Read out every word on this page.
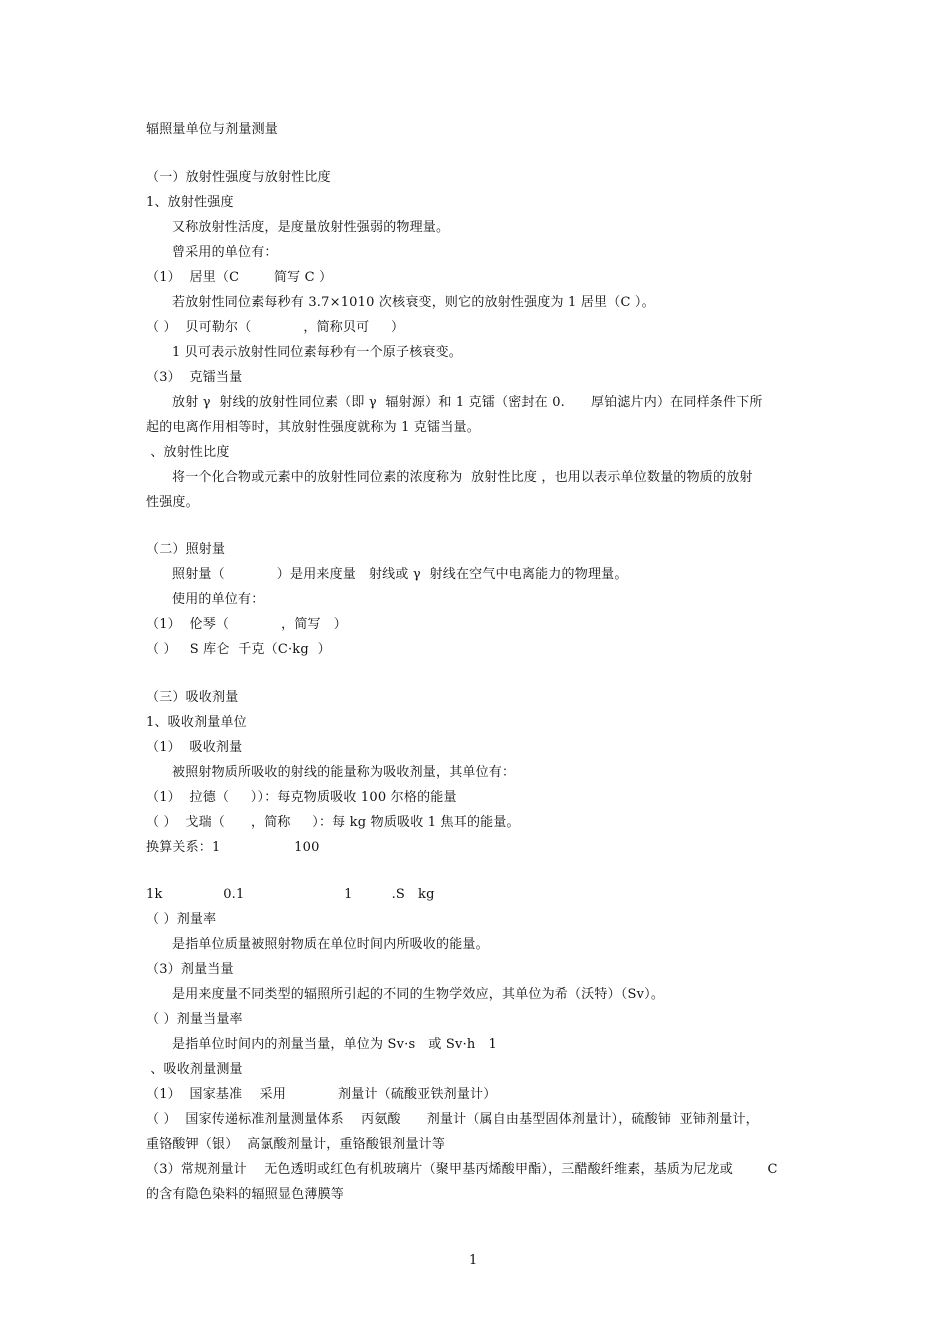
辐照量单位与剂量测量
（一）放射性强度与放射性比度
1、放射性强度
又称放射性活度，是度量放射性强弱的物理量。
曾采用的单位有：
（1）  居里（C        简写 C ）
若放射性同位素每秒有 3.7×1010 次核衰变，则它的放射性强度为 1 居里（C ）。
（ ）  贝可勒尔（            ，简称贝可     ）
1 贝可表示放射性同位素每秒有一个原子核衰变。
（3）  克镭当量
放射 γ  射线的放射性同位素（即 γ  辐射源）和 1 克镭（密封在 0.      厚铂滤片内）在同样条件下所
起的电离作用相等时，其放射性强度就称为 1 克镭当量。
、放射性比度
将一个化合物或元素中的放射性同位素的浓度称为  放射性比度 ，也用以表示单位数量的物质的放射
性强度。
（二）照射量
照射量（            ）是用来度量   射线或 γ  射线在空气中电离能力的物理量。
使用的单位有：
（1）  伦琴（            ，简写   ）
（ ）   S 库仑  千克（C·kg  ）
（三）吸收剂量
1、吸收剂量单位
（1）  吸收剂量
被照射物质所吸收的射线的能量称为吸收剂量，其单位有：
（1）  拉德（     ））：每克物质吸收 100 尔格的能量
（ ）  戈瑞（      ，简称     ）：每 kg 物质吸收 1 焦耳的能量。
换算关系：1                 100
1k              0.1                       1         .S   kg
（ ）剂量率
是指单位质量被照射物质在单位时间内所吸收的能量。
（3）剂量当量
是用来度量不同类型的辐照所引起的不同的生物学效应，其单位为希（沃特）（Sv）。
（ ）剂量当量率
是指单位时间内的剂量当量，单位为 Sv·s   或 Sv·h   1
、吸收剂量测量
（1）  国家基准    采用            剂量计（硫酸亚铁剂量计）
（ ）  国家传递标准剂量测量体系    丙氨酸      剂量计（属自由基型固体剂量计），硫酸铈  亚铈剂量计，
重铬酸钾（银）  高氯酸剂量计，重铬酸银剂量计等
（3）常规剂量计    无色透明或红色有机玻璃片（聚甲基丙烯酸甲酯），三醋酸纤维素，基质为尼龙或        C
的含有隐色染料的辐照显色薄膜等
1
